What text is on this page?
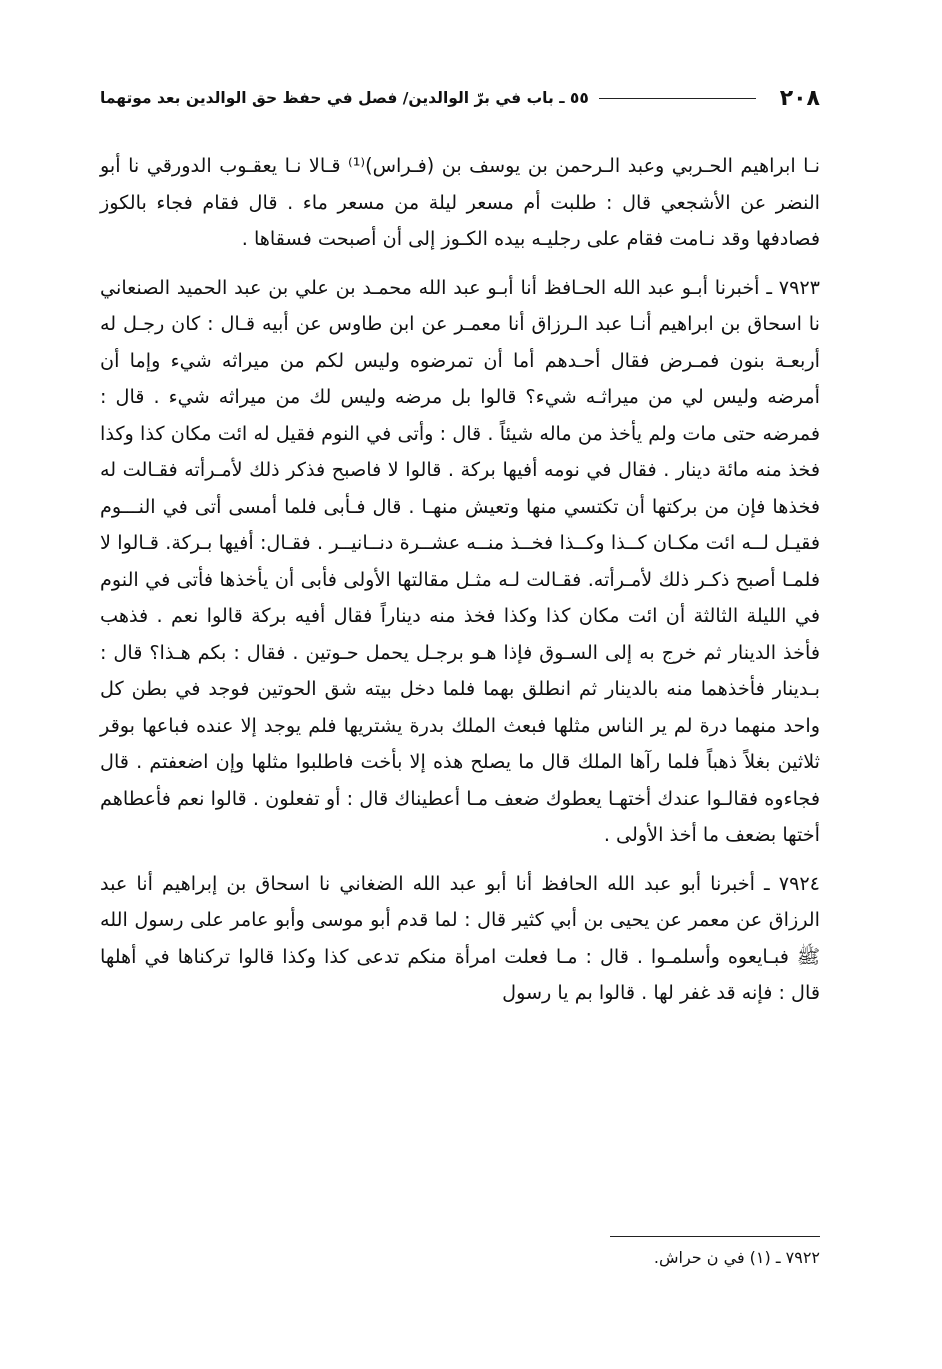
٢٠٨
٥٥ ـ باب في برّ الوالدين/ فصل في حفظ حق الوالدين بعد موتهما

نـا ابراهيم الحـربي وعبد الـرحمن بن يوسف بن (فـراس)⁽¹⁾ قـالا نـا يعقـوب الدورقي نا أبو النضر عن الأشجعي قال : طلبت أم مسعر ليلة من مسعر ماء . قال فقام فجاء بالكوز فصادفها وقد نـامت فقام على رجليـه بيده الكـوز إلى أن أصبحت فسقاها .

٧٩٢٣ ـ أخبرنا أبـو عبد الله الحـافظ أنا أبـو عبد الله محمـد بن علي بن عبد الحميد الصنعاني نا اسحاق بن ابراهيم أنـا عبد الـرزاق أنا معمـر عن ابن طاوس عن أبيه قـال : كان رجـل له أربعـة بنون فمـرض فقال أحـدهم أما أن تمرضوه وليس لكم من ميراثه شيء وإما أن أمرضه وليس لي من ميراثـه شيء؟ قالوا بل مرضه وليس لك من ميراثه شيء . قال : فمرضه حتى مات ولم يأخذ من ماله شيئاً . قال : وأتى في النوم فقيل له ائت مكان كذا وكذا فخذ منه مائة دينار . فقال في نومه أفيها بركة . قالوا لا فاصبح فذكر ذلك لأمـرأته فقـالت له فخذها فإن من بركتها أن تكتسي منها وتعيش منهـا . قال فـأبى فلما أمسى أتى في النـــوم فقيـل لــه ائت مكـان كــذا وكــذا فخــذ منــه عشــرة دنــانيــر . فقـال: أفيها بـركة. قـالوا لا فلمـا أصبح ذكـر ذلك لأمـرأته. فقـالت لـه مثـل مقالتها الأولى فأبى أن يأخذها فأتى في النوم في الليلة الثالثة أن ائت مكان كذا وكذا فخذ منه ديناراً فقال أفيه بركة قالوا نعم . فذهب فأخذ الدينار ثم خرج به إلى السـوق فإذا هـو برجـل يحمل حـوتين . فقال : بكم هـذا؟ قال : بـدينار فأخذهما منه بالدينار ثم انطلق بهما فلما دخل بيته شق الحوتين فوجد في بطن كل واحد منهما درة لم ير الناس مثلها فبعث الملك بدرة يشتريها فلم يوجد إلا عنده فباعها بوقر ثلاثين بغلاً ذهباً فلما رآها الملك قال ما يصلح هذه إلا بأخت فاطلبوا مثلها وإن اضعفتم . قال فجاءوه فقالـوا عندك أختهـا يعطوك ضعف مـا أعطيناك قال : أو تفعلون . قالوا نعم فأعطاهم أختها بضعف ما أخذ الأولى .

٧٩٢٤ ـ أخبرنا أبو عبد الله الحافظ أنا أبو عبد الله الضغاني نا اسحاق بن إبراهيم أنا عبد الرزاق عن معمر عن يحيى بن أبي كثير قال : لما قدم أبو موسى وأبو عامر على رسول الله ﷺ فبـايعوه وأسلمـوا . قال : مـا فعلت امرأة منكم تدعى كذا وكذا قالوا تركناها في أهلها قال : فإنه قد غفر لها . قالوا بم يا رسول

٧٩٢٢ ـ (١) في ن حراش.
